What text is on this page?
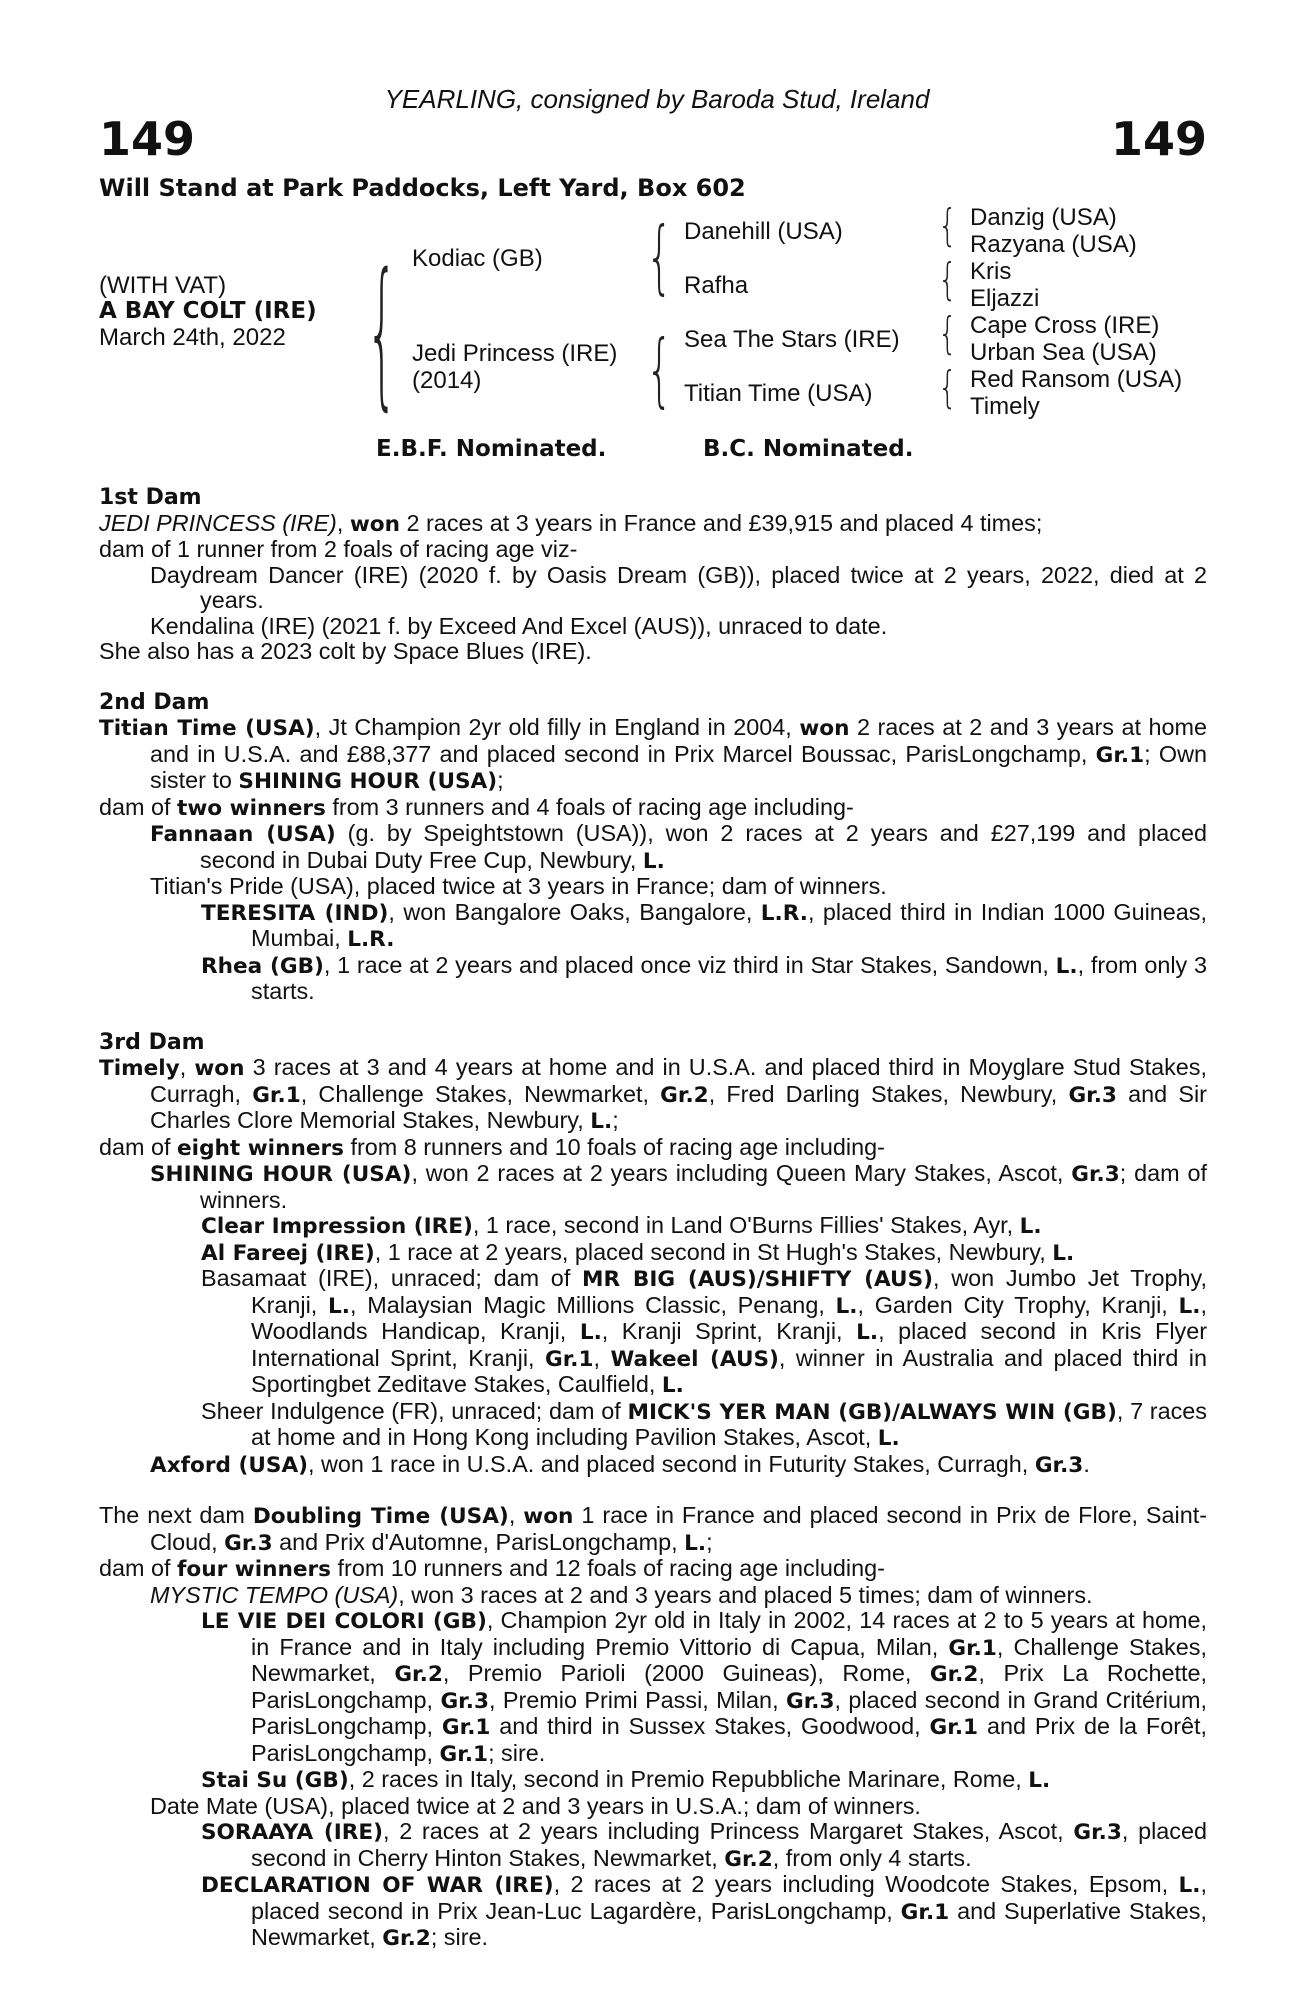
YEARLING, consigned by Baroda Stud, Ireland
149	149
Will Stand at Park Paddocks, Left Yard, Box 602
(WITH VAT)
A BAY COLT (IRE)
March 24th, 2022 { Kodiac (GB)
Jedi Princess (IRE)
(2014)
{
{
Danehill (USA)
Rafha
Sea The Stars (IRE)
Titian Time (USA)
{
{
{
{
Danzig (USA)
Razyana (USA)
Kris
Eljazzi
Cape Cross (IRE)
Urban Sea (USA)
Red Ransom (USA)
Timely
E.B.F. Nominated.	B.C. Nominated.

1st Dam

JEDI PRINCESS (IRE), won 2 races at 3 years in France and £39,915 and placed 4 times;

dam of 1 runner from 2 foals of racing age viz-

Daydream Dancer (IRE) (2020 f. by Oasis Dream (GB)), placed twice at 2 years, 2022, died at 2 years.

Kendalina (IRE) (2021 f. by Exceed And Excel (AUS)), unraced to date.

She also has a 2023 colt by Space Blues (IRE).

2nd Dam

Titian Time (USA), Jt Champion 2yr old filly in England in 2004, won 2 races at 2 and 3 years at home and in U.S.A. and £88,377 and placed second in Prix Marcel Boussac, ParisLongchamp, Gr.1; Own sister to SHINING HOUR (USA);

dam of two winners from 3 runners and 4 foals of racing age including-

Fannaan (USA) (g. by Speightstown (USA)), won 2 races at 2 years and £27,199 and placed second in Dubai Duty Free Cup, Newbury, L.

Titian's Pride (USA), placed twice at 3 years in France; dam of winners.

TERESITA (IND), won Bangalore Oaks, Bangalore, L.R., placed third in Indian 1000 Guineas, Mumbai, L.R.

Rhea (GB), 1 race at 2 years and placed once viz third in Star Stakes, Sandown, L., from only 3 starts.

3rd Dam

Timely, won 3 races at 3 and 4 years at home and in U.S.A. and placed third in Moyglare Stud Stakes, Curragh, Gr.1, Challenge Stakes, Newmarket, Gr.2, Fred Darling Stakes, Newbury, Gr.3 and Sir Charles Clore Memorial Stakes, Newbury, L.;

dam of eight winners from 8 runners and 10 foals of racing age including-

SHINING HOUR (USA), won 2 races at 2 years including Queen Mary Stakes, Ascot, Gr.3; dam of winners.

Clear Impression (IRE), 1 race, second in Land O'Burns Fillies' Stakes, Ayr, L.

Al Fareej (IRE), 1 race at 2 years, placed second in St Hugh's Stakes, Newbury, L.

Basamaat (IRE), unraced; dam of MR BIG (AUS)/SHIFTY (AUS), won Jumbo Jet Trophy, Kranji, L., Malaysian Magic Millions Classic, Penang, L., Garden City Trophy, Kranji, L., Woodlands Handicap, Kranji, L., Kranji Sprint, Kranji, L., placed second in Kris Flyer International Sprint, Kranji, Gr.1, Wakeel (AUS), winner in Australia and placed third in Sportingbet Zeditave Stakes, Caulfield, L.

Sheer Indulgence (FR), unraced; dam of MICK'S YER MAN (GB)/ALWAYS WIN (GB), 7 races at home and in Hong Kong including Pavilion Stakes, Ascot, L.

Axford (USA), won 1 race in U.S.A. and placed second in Futurity Stakes, Curragh, Gr.3.

The next dam Doubling Time (USA), won 1 race in France and placed second in Prix de Flore, Saint-Cloud, Gr.3 and Prix d'Automne, ParisLongchamp, L.;

dam of four winners from 10 runners and 12 foals of racing age including-

MYSTIC TEMPO (USA), won 3 races at 2 and 3 years and placed 5 times; dam of winners.

LE VIE DEI COLORI (GB), Champion 2yr old in Italy in 2002, 14 races at 2 to 5 years at home, in France and in Italy including Premio Vittorio di Capua, Milan, Gr.1, Challenge Stakes, Newmarket, Gr.2, Premio Parioli (2000 Guineas), Rome, Gr.2, Prix La Rochette, ParisLongchamp, Gr.3, Premio Primi Passi, Milan, Gr.3, placed second in Grand Critérium, ParisLongchamp, Gr.1 and third in Sussex Stakes, Goodwood, Gr.1 and Prix de la Forêt, ParisLongchamp, Gr.1; sire.

Stai Su (GB), 2 races in Italy, second in Premio Repubbliche Marinare, Rome, L.

Date Mate (USA), placed twice at 2 and 3 years in U.S.A.; dam of winners.

SORAAYA (IRE), 2 races at 2 years including Princess Margaret Stakes, Ascot, Gr.3, placed second in Cherry Hinton Stakes, Newmarket, Gr.2, from only 4 starts.

DECLARATION OF WAR (IRE), 2 races at 2 years including Woodcote Stakes, Epsom, L., placed second in Prix Jean-Luc Lagardère, ParisLongchamp, Gr.1 and Superlative Stakes, Newmarket, Gr.2; sire.
